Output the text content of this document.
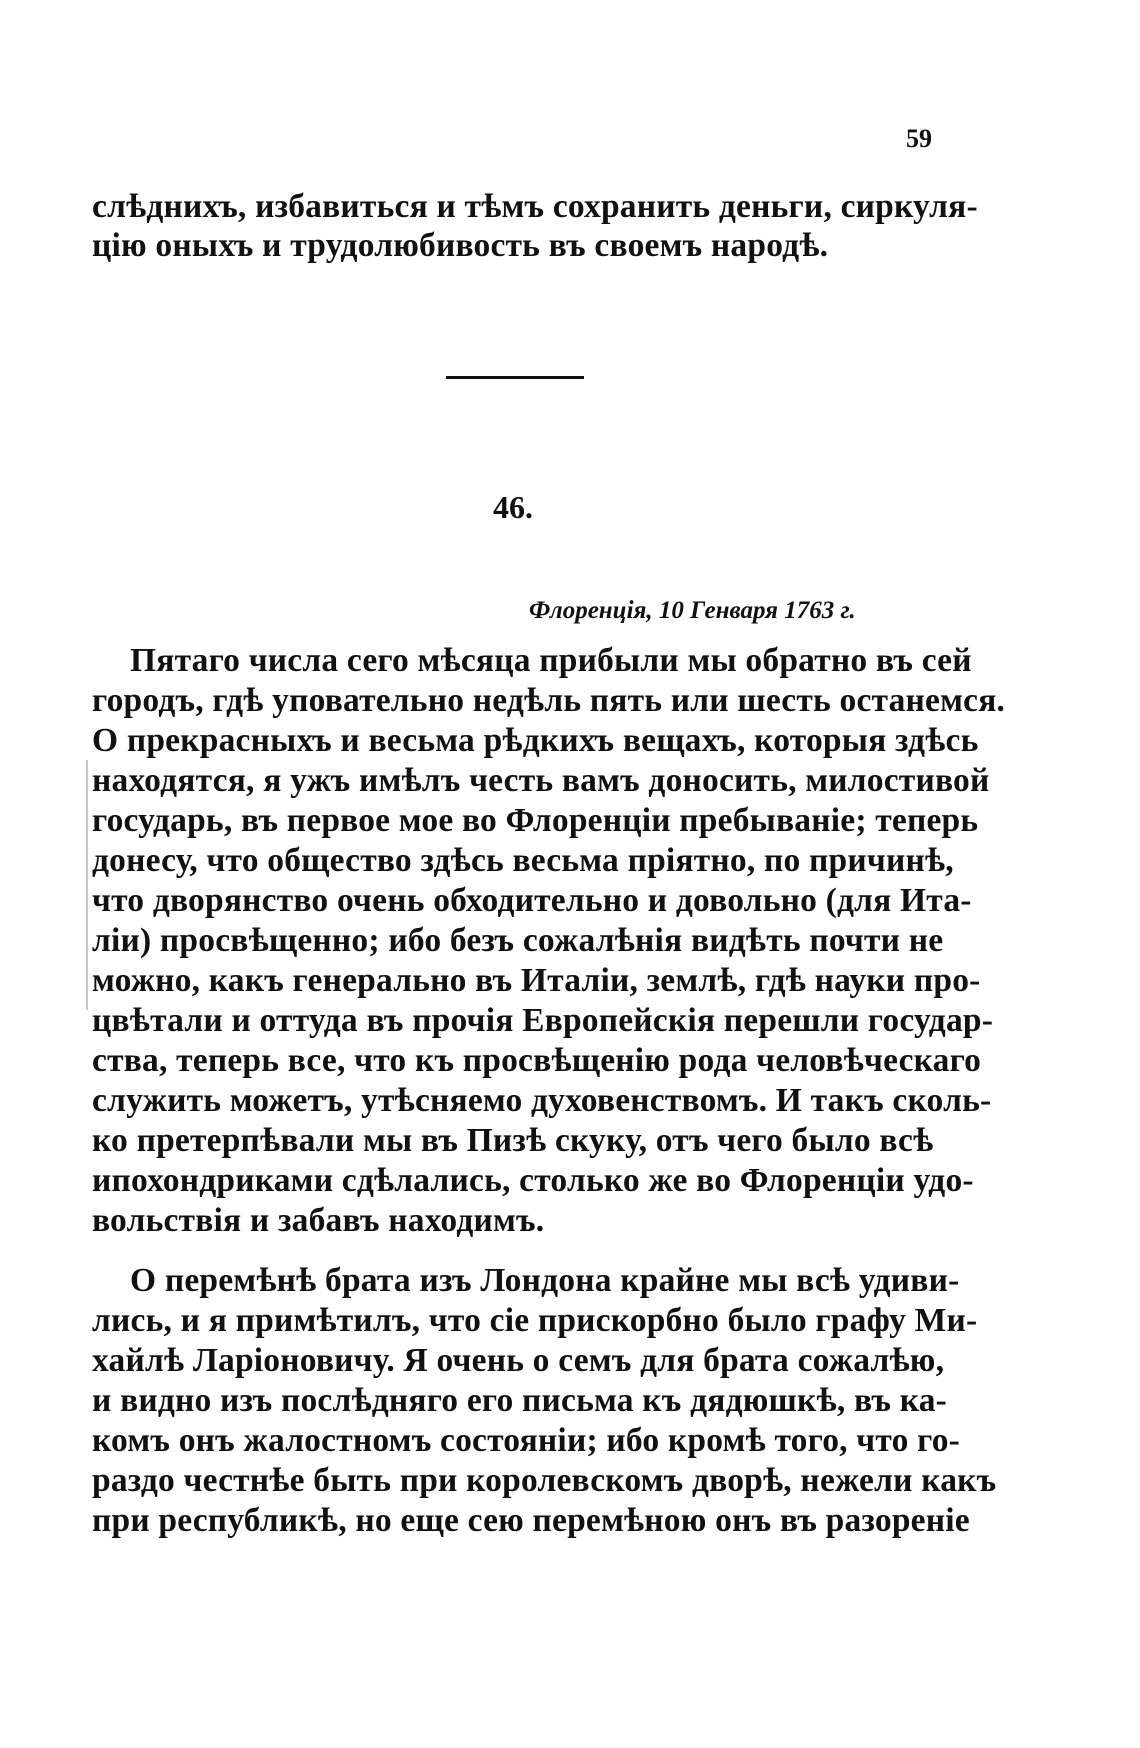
59
слѣднихъ, избавиться и тѣмъ сохранить деньги, сиркуля-
цію оныхъ и трудолюбивость въ своемъ народѣ.
46.
Флоренція, 10 Генваря 1763 г.
Пятаго числа сего мѣсяца прибыли мы обратно въ сей
городъ, гдѣ уповательно недѣль пять или шесть останемся.
О прекрасныхъ и весьма рѣдкихъ вещахъ, которыя здѣсь
находятся, я ужъ имѣлъ честь вамъ доносить, милостивой
государь, въ первое мое во Флоренціи пребываніе; теперь
донесу, что общество здѣсь весьма пріятно, по причинѣ,
что дворянство очень обходительно и довольно (для Ита-
ліи) просвѣщенно; ибо безъ сожалѣнія видѣть почти не
можно, какъ генерально въ Италіи, землѣ, гдѣ науки про-
цвѣтали и оттуда въ прочія Европейскія перешли государ-
ства, теперь все, что къ просвѣщенію рода человѣческаго
служить можетъ, утѣсняемо духовенствомъ. И такъ сколь-
ко претерпѣвали мы въ Пизѣ скуку, отъ чего было всѣ
ипохондриками сдѣлались, столько же во Флоренціи удо-
вольствія и забавъ находимъ.
О перемѣнѣ брата изъ Лондона крайне мы всѣ удиви-
лись, и я примѣтилъ, что сіе прискорбно было графу Ми-
хайлѣ Ларіоновичу. Я очень о семъ для брата сожалѣю,
и видно изъ послѣдняго его письма къ дядюшкѣ, въ ка-
комъ онъ жалостномъ состояніи; ибо кромѣ того, что го-
раздо честнѣе быть при королевскомъ дворѣ, нежели какъ
при республикѣ, но еще сею перемѣною онъ въ разореніе
